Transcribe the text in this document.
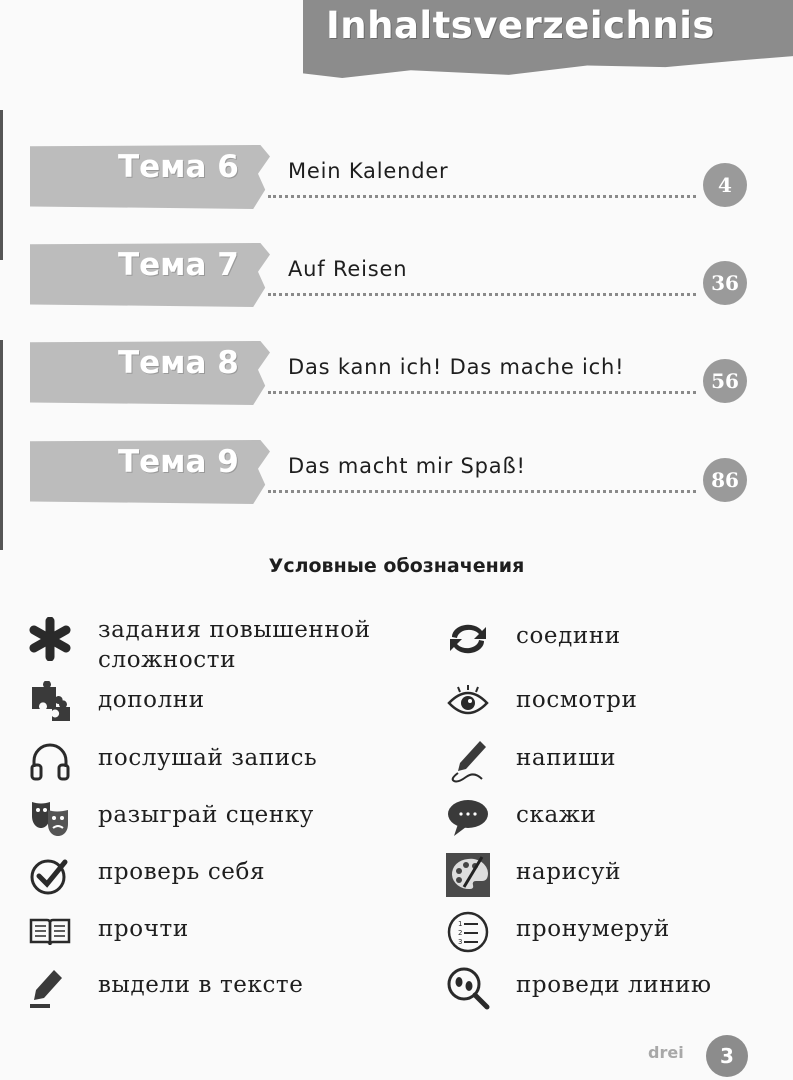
Inhaltsverzeichnis
Тема 6 Mein Kalender
4
Тема 7 Auf Reisen
36
Тема 8 Das kann ich! Das mache ich!
56
Тема 9 Das macht mir Spaß!
86
Условные обозначения
задания повышенной
сложности
дополни
послушай запись
разыграй сценку
проверь себя
прочти
выдели в тексте
соедини
посмотри
напиши
скажи
нарисуй
1
2
3 пронумеруй
проведи линию
drei	3
